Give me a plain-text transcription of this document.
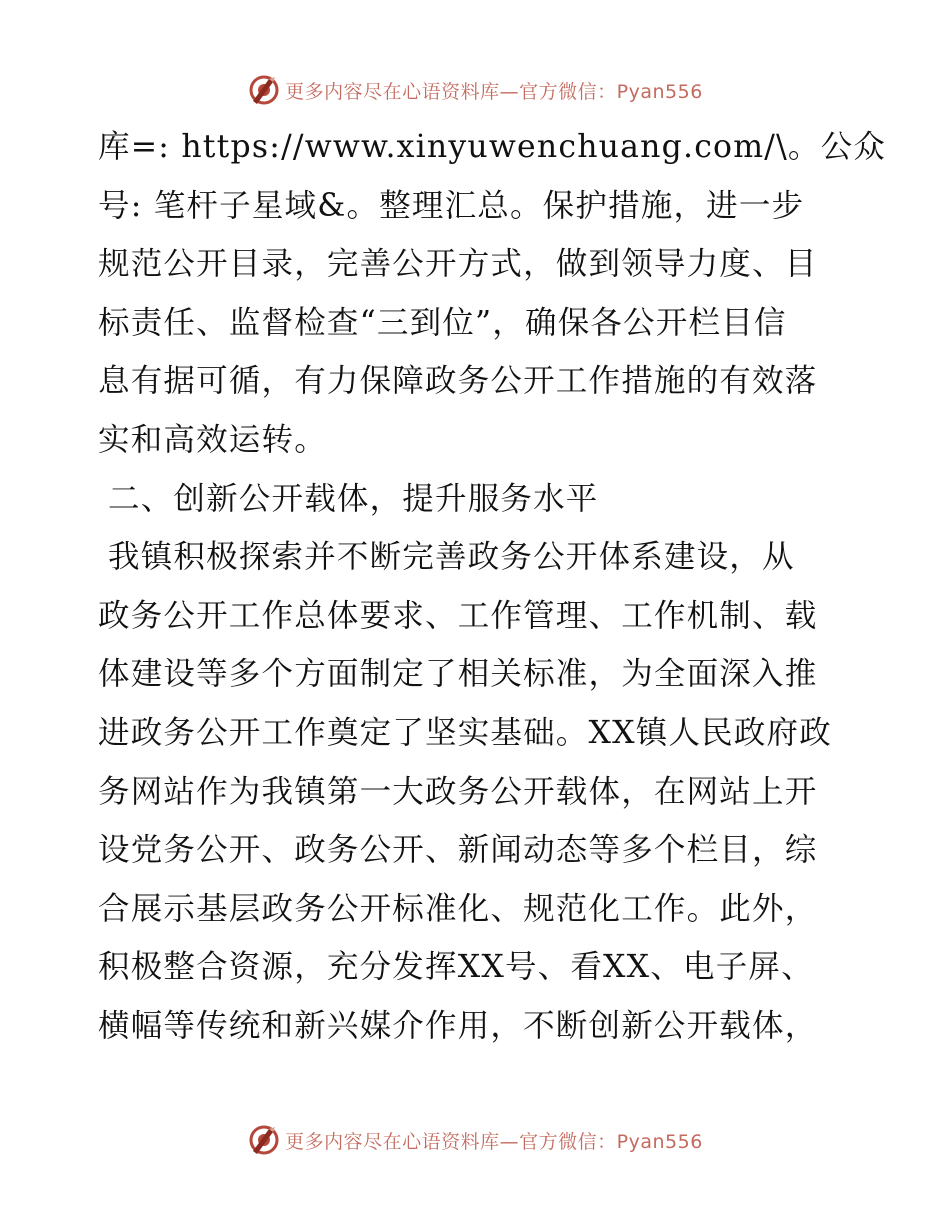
更多内容尽在心语资料库—官方微信：Pyan556
库=: https://www.xinyuwenchuang.com/\。公众
号: 笔杆子星域&。整理汇总。保护措施，进一步
规范公开目录，完善公开方式，做到领导力度、目
标责任、监督检查“三到位”，确保各公开栏目信
息有据可循，有力保障政务公开工作措施的有效落
实和高效运转。
二、创新公开载体，提升服务水平
我镇积极探索并不断完善政务公开体系建设，从
政务公开工作总体要求、工作管理、工作机制、载
体建设等多个方面制定了相关标准，为全面深入推
进政务公开工作奠定了坚实基础。XX镇人民政府政
务网站作为我镇第一大政务公开载体，在网站上开
设党务公开、政务公开、新闻动态等多个栏目，综
合展示基层政务公开标准化、规范化工作。此外，
积极整合资源，充分发挥XX号、看XX、电子屏、
横幅等传统和新兴媒介作用，不断创新公开载体，
更多内容尽在心语资料库—官方微信：Pyan556
